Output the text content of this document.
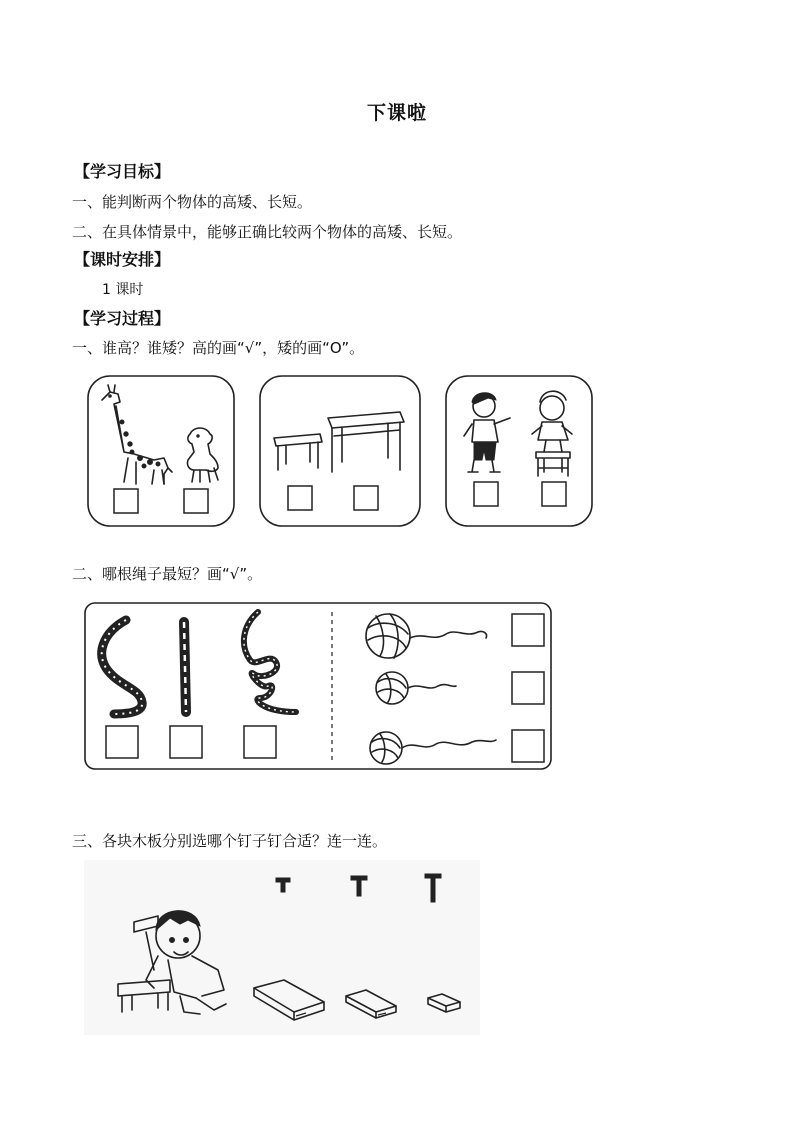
下课啦
【学习目标】
一、能判断两个物体的高矮、长短。
二、在具体情景中，能够正确比较两个物体的高矮、长短。
【课时安排】
1 课时
【学习过程】
一、谁高？谁矮？高的画“√”，矮的画“O”。
二、哪根绳子最短？画“√”。
三、各块木板分别选哪个钉子钉合适？连一连。
